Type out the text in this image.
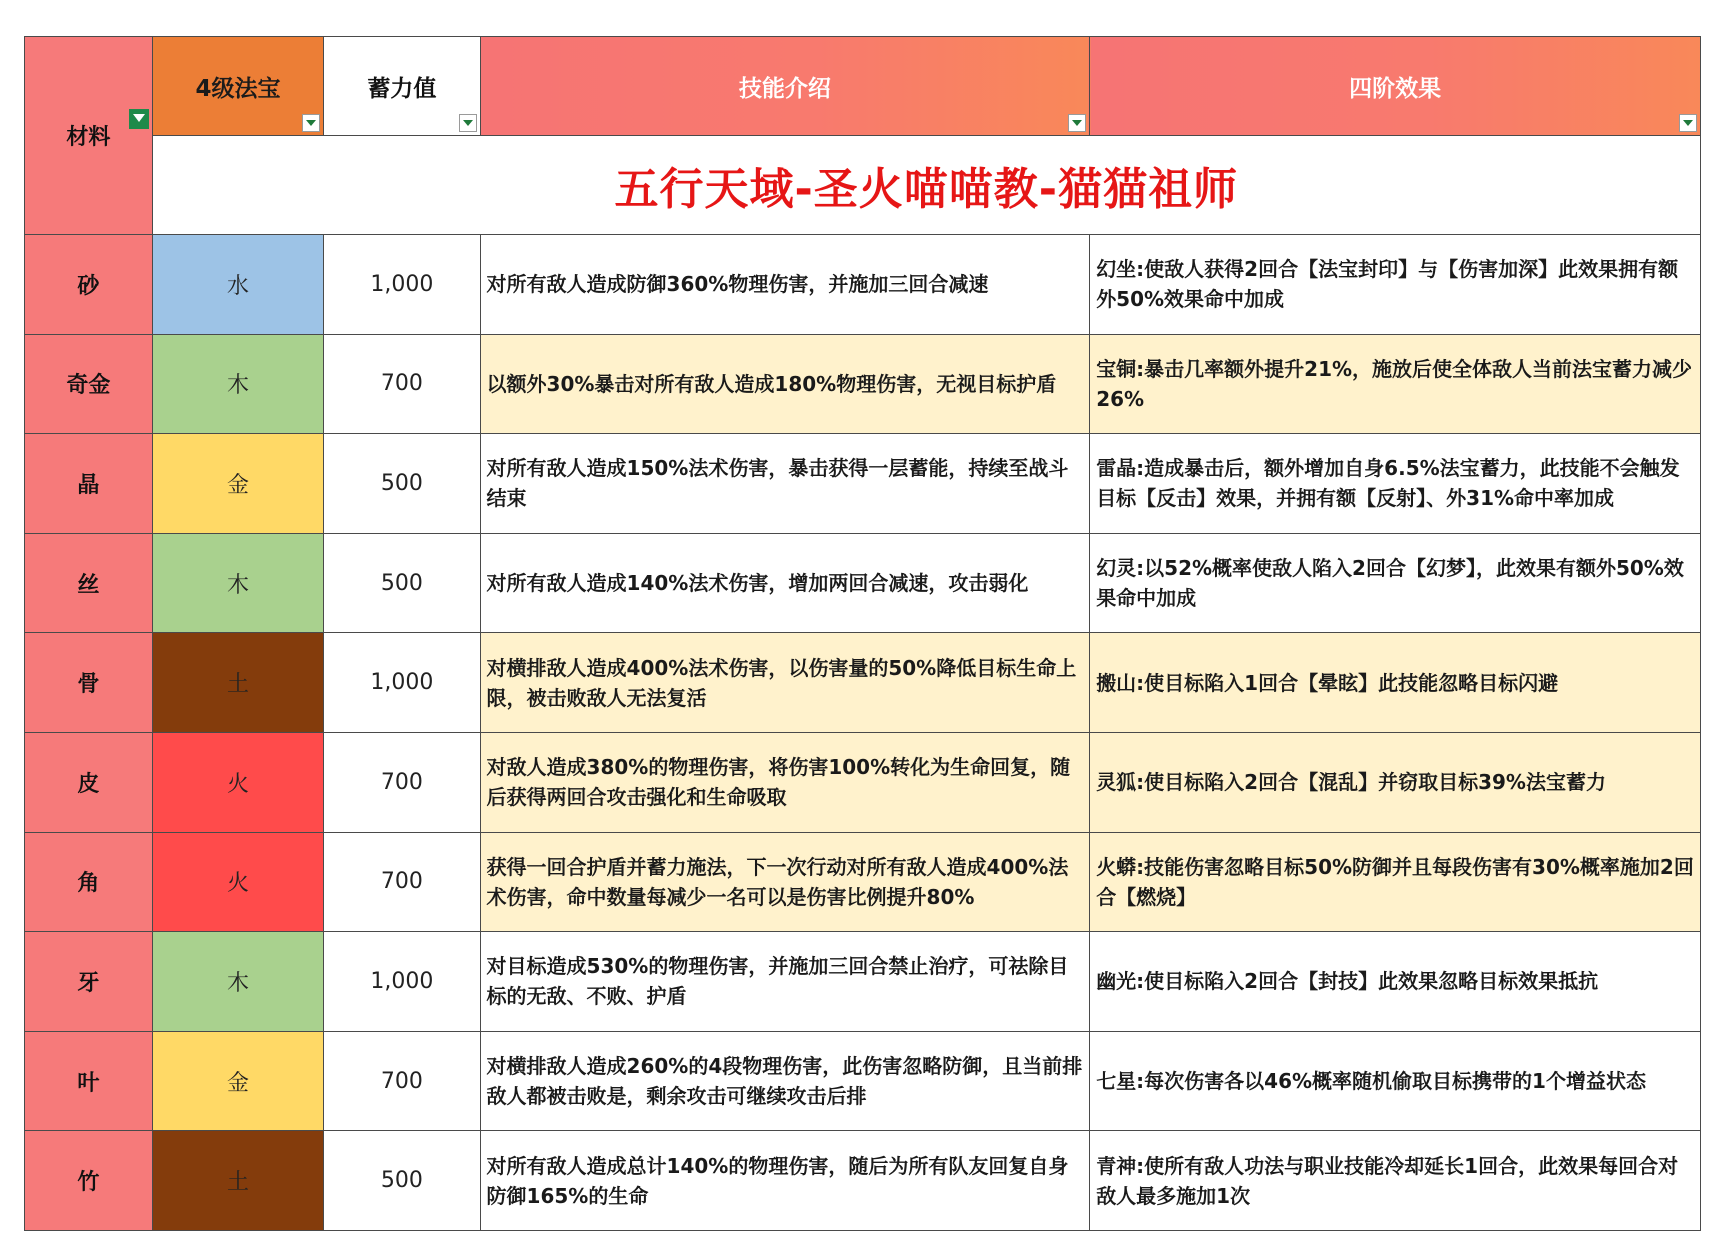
材料	4级法宝	蓄力值	技能介绍	四阶效果

	五行天域-圣火喵喵教-猫猫祖师			
砂	水	1,000	对所有敌人造成防御360%物理伤害，并施加三回合减速	幻坐:使敌人获得2回合【法宝封印】与【伤害加深】此效果拥有额外50%效果命中加成
奇金	木	700	以额外30%暴击对所有敌人造成180%物理伤害，无视目标护盾	宝铜:暴击几率额外提升21%，施放后使全体敌人当前法宝蓄力减少26%
晶	金	500	对所有敌人造成150%法术伤害，暴击获得一层蓄能，持续至战斗结束	雷晶:造成暴击后，额外增加自身6.5%法宝蓄力，此技能不会触发目标【反击】效果，并拥有额【反射】、外31%命中率加成
丝	木	500	对所有敌人造成140%法术伤害，增加两回合减速，攻击弱化	幻灵:以52%概率使敌人陷入2回合【幻梦】，此效果有额外50%效果命中加成
骨	土	1,000	对横排敌人造成400%法术伤害，以伤害量的50%降低目标生命上限，被击败敌人无法复活	搬山:使目标陷入1回合【晕眩】此技能忽略目标闪避
皮	火	700	对敌人造成380%的物理伤害，将伤害100%转化为生命回复，随后获得两回合攻击强化和生命吸取	灵狐:使目标陷入2回合【混乱】并窃取目标39%法宝蓄力
角	火	700	获得一回合护盾并蓄力施法，下一次行动对所有敌人造成400%法术伤害，命中数量每减少一名可以是伤害比例提升80%	火蟒:技能伤害忽略目标50%防御并且每段伤害有30%概率施加2回合【燃烧】
牙	木	1,000	对目标造成530%的物理伤害，并施加三回合禁止治疗，可祛除目标的无敌、不败、护盾	幽光:使目标陷入2回合【封技】此效果忽略目标效果抵抗
叶	金	700	对横排敌人造成260%的4段物理伤害，此伤害忽略防御，且当前排敌人都被击败是，剩余攻击可继续攻击后排	七星:每次伤害各以46%概率随机偷取目标携带的1个增益状态
竹	土	500	对所有敌人造成总计140%的物理伤害，随后为所有队友回复自身防御165%的生命	青神:使所有敌人功法与职业技能冷却延长1回合，此效果每回合对敌人最多施加1次
